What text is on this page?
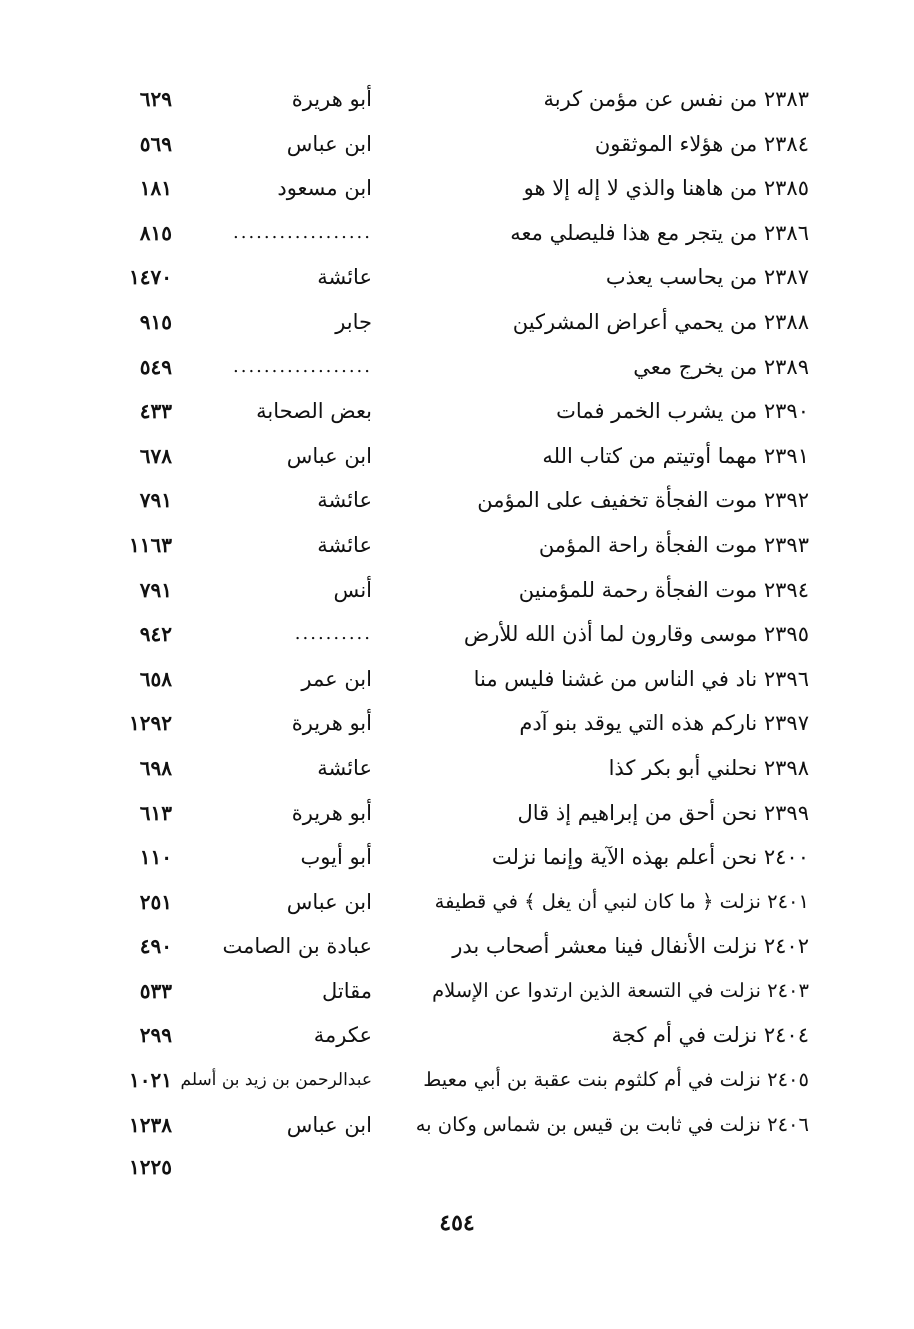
٢٣٨٣ من نفس عن مؤمن كربة
أبو هريرة
٦٢٩
٢٣٨٤ من هؤلاء الموثقون
ابن عباس
٥٦٩
٢٣٨٥ من هاهنا والذي لا إله إلا هو
ابن مسعود
١٨١
٢٣٨٦ من يتجر مع هذا فليصلي معه
..................
٨١٥
٢٣٨٧ من يحاسب يعذب
عائشة
١٤٧٠
٢٣٨٨ من يحمي أعراض المشركين
جابر
٩١٥
٢٣٨٩ من يخرج معي
..................
٥٤٩
٢٣٩٠ من يشرب الخمر فمات
بعض الصحابة
٤٣٣
٢٣٩١ مهما أوتيتم من كتاب الله
ابن عباس
٦٧٨
٢٣٩٢ موت الفجأة تخفيف على المؤمن
عائشة
٧٩١
٢٣٩٣ موت الفجأة راحة المؤمن
عائشة
١١٦٣
٢٣٩٤ موت الفجأة رحمة للمؤمنين
أنس
٧٩١
٢٣٩٥ موسى وقارون لما أذن الله للأرض
..........
٩٤٢
٢٣٩٦ ناد في الناس من غشنا فليس منا
ابن عمر
٦٥٨
٢٣٩٧ ناركم هذه التي يوقد بنو آدم
أبو هريرة
١٢٩٢
٢٣٩٨ نحلني أبو بكر كذا
عائشة
٦٩٨
٢٣٩٩ نحن أحق من إبراهيم إذ قال
أبو هريرة
٦١٣
٢٤٠٠ نحن أعلم بهذه الآية وإنما نزلت
أبو أيوب
١١٠
٢٤٠١ نزلت ﴿ ما كان لنبي أن يغل ﴾ في قطيفة
ابن عباس
٢٥١
٢٤٠٢ نزلت الأنفال فينا معشر أصحاب بدر
عبادة بن الصامت
٤٩٠
٢٤٠٣ نزلت في التسعة الذين ارتدوا عن الإسلام
مقاتل
٥٣٣
٢٤٠٤ نزلت في أم كجة
عكرمة
٢٩٩
٢٤٠٥ نزلت في أم كلثوم بنت عقبة بن أبي معيط
عبدالرحمن بن زيد بن أسلم
١٠٢١
٢٤٠٦ نزلت في ثابت بن قيس بن شماس وكان به
ابن عباس
١٢٣٨
١٢٢٥
٤٥٤
